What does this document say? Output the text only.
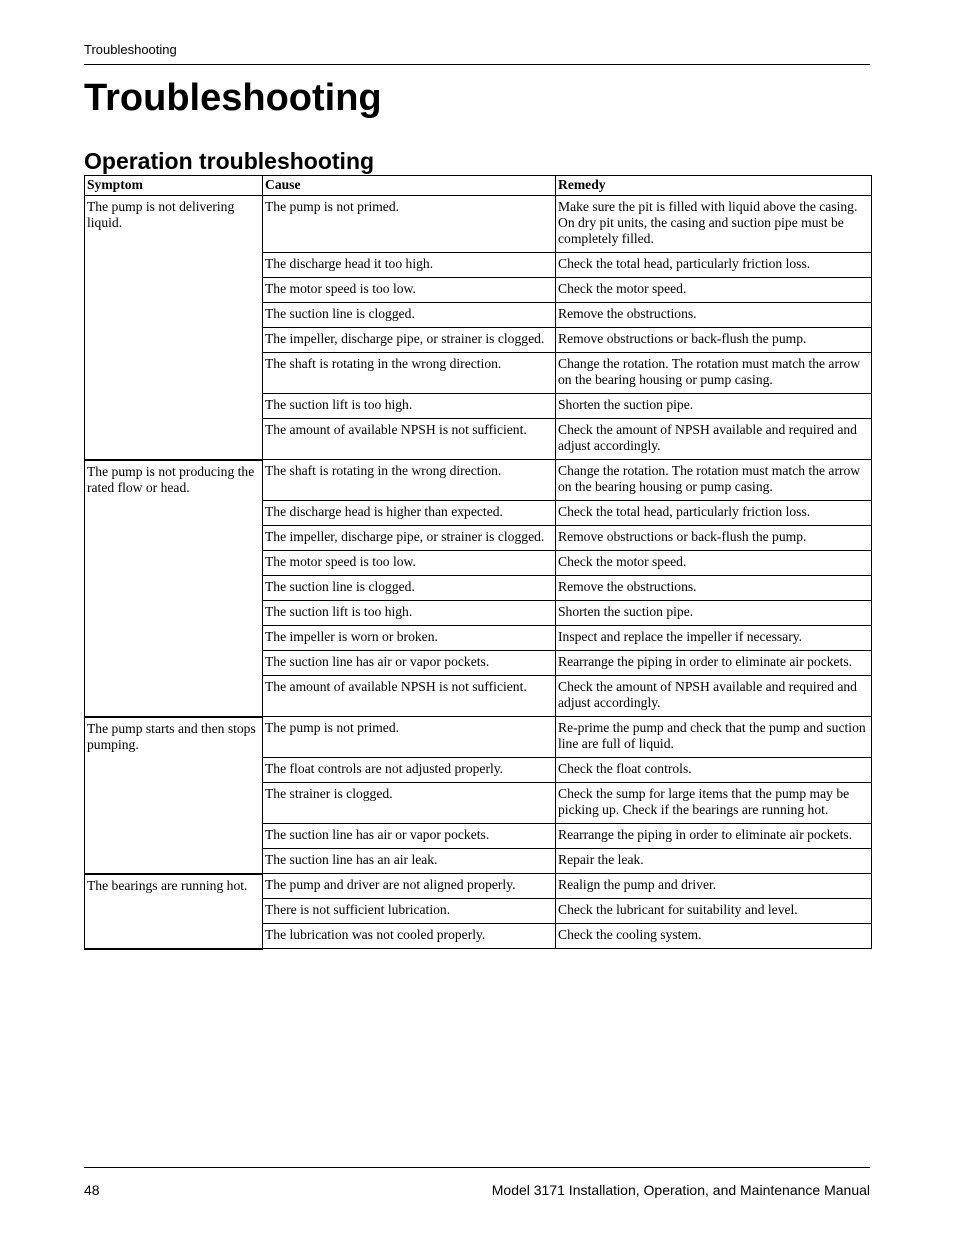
Troubleshooting
Troubleshooting
Operation troubleshooting
Symptom	Cause	Remedy
The pump is not delivering liquid.	The pump is not primed.	Make sure the pit is filled with liquid above the casing. On dry pit units, the casing and suction pipe must be completely filled.
	The discharge head it too high.	Check the total head, particularly friction loss.
	The motor speed is too low.	Check the motor speed.
	The suction line is clogged.	Remove the obstructions.
	The impeller, discharge pipe, or strainer is clogged.	Remove obstructions or back-flush the pump.
	The shaft is rotating in the wrong direction.	Change the rotation. The rotation must match the arrow on the bearing housing or pump casing.
	The suction lift is too high.	Shorten the suction pipe.
	The amount of available NPSH is not sufficient.	Check the amount of NPSH available and required and adjust accordingly.
The pump is not producing the rated flow or head.	The shaft is rotating in the wrong direction.	Change the rotation. The rotation must match the arrow on the bearing housing or pump casing.
	The discharge head is higher than expected.	Check the total head, particularly friction loss.
	The impeller, discharge pipe, or strainer is clogged.	Remove obstructions or back-flush the pump.
	The motor speed is too low.	Check the motor speed.
	The suction line is clogged.	Remove the obstructions.
	The suction lift is too high.	Shorten the suction pipe.
	The impeller is worn or broken.	Inspect and replace the impeller if necessary.
	The suction line has air or vapor pockets.	Rearrange the piping in order to eliminate air pockets.
	The amount of available NPSH is not sufficient.	Check the amount of NPSH available and required and adjust accordingly.
The pump starts and then stops pumping.	The pump is not primed.	Re-prime the pump and check that the pump and suction line are full of liquid.
	The float controls are not adjusted properly.	Check the float controls.
	The strainer is clogged.	Check the sump for large items that the pump may be picking up. Check if the bearings are running hot.
	The suction line has air or vapor pockets.	Rearrange the piping in order to eliminate air pockets.
	The suction line has an air leak.	Repair the leak.
The bearings are running hot.	The pump and driver are not aligned properly.	Realign the pump and driver.
	There is not sufficient lubrication.	Check the lubricant for suitability and level.
	The lubrication was not cooled properly.	Check the cooling system.
48	Model 3171 Installation, Operation, and Maintenance Manual
